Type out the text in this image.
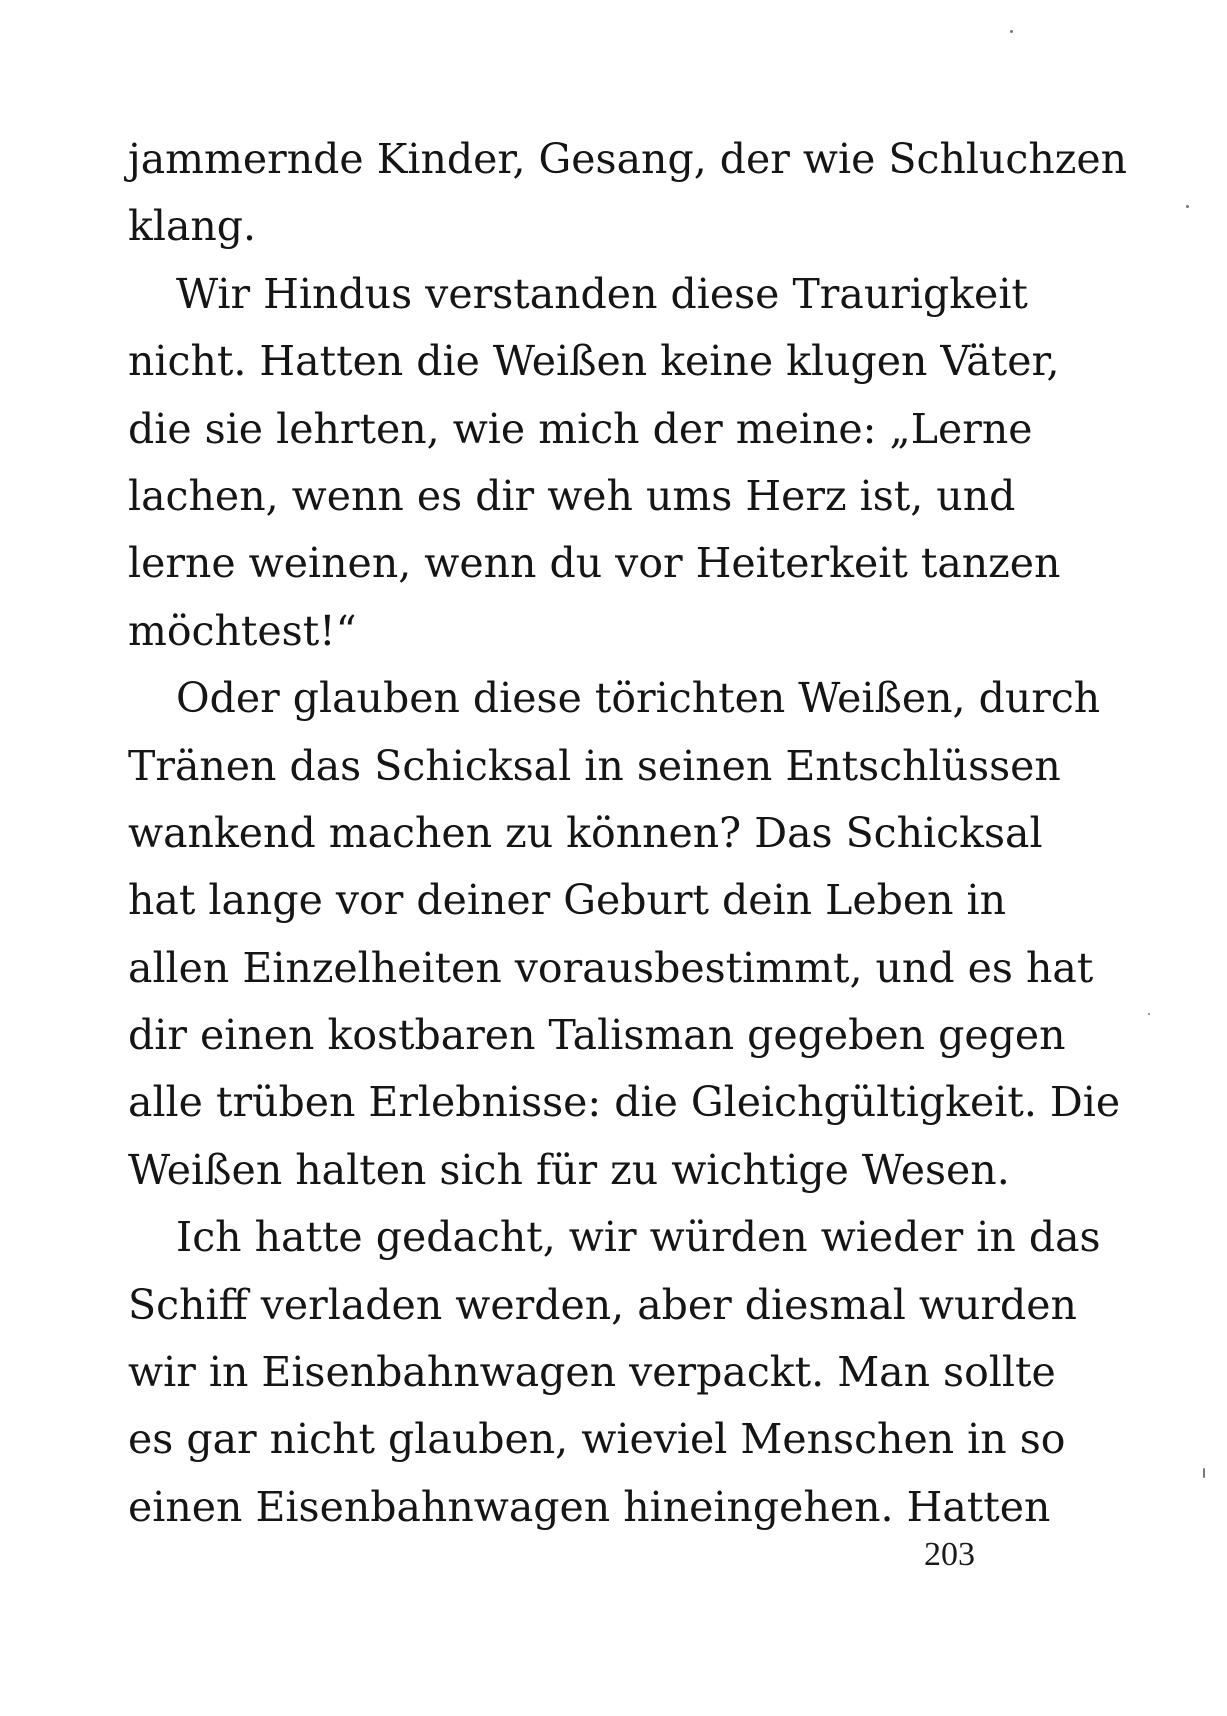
jammernde Kinder, Gesang, der wie Schluchzen
klang.
Wir Hindus verstanden diese Traurigkeit
nicht. Hatten die Weißen keine klugen Väter,
die sie lehrten, wie mich der meine: „Lerne
lachen, wenn es dir weh ums Herz ist, und
lerne weinen, wenn du vor Heiterkeit tanzen
möchtest!“
Oder glauben diese törichten Weißen, durch
Tränen das Schicksal in seinen Entschlüssen
wankend machen zu können? Das Schicksal
hat lange vor deiner Geburt dein Leben in
allen Einzelheiten vorausbestimmt, und es hat
dir einen kostbaren Talisman gegeben gegen
alle trüben Erlebnisse: die Gleichgültigkeit. Die
Weißen halten sich für zu wichtige Wesen.
Ich hatte gedacht, wir würden wieder in das
Schiff verladen werden, aber diesmal wurden
wir in Eisenbahnwagen verpackt. Man sollte
es gar nicht glauben, wieviel Menschen in so
einen Eisenbahnwagen hineingehen. Hatten
203
